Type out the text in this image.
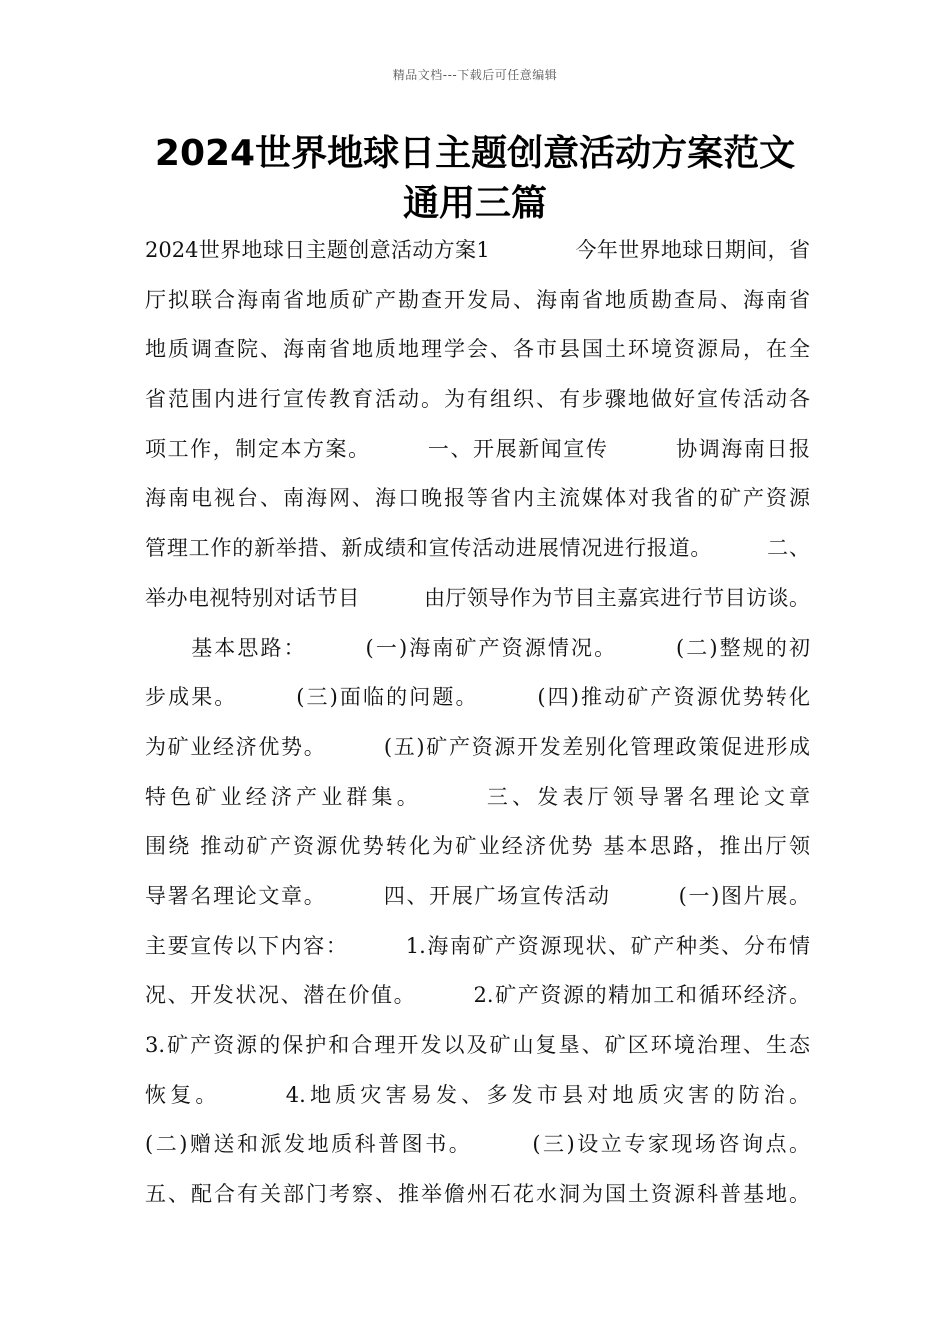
精品文档---下载后可任意编辑
2024世界地球日主题创意活动方案范文
通用三篇
2024世界地球日主题创意活动方案1　　　　今年世界地球日期间，省
厅拟联合海南省地质矿产勘查开发局、海南省地质勘查局、海南省
地质调查院、海南省地质地理学会、各市县国土环境资源局，在全
省范围内进行宣传教育活动。为有组织、有步骤地做好宣传活动各
项工作，制定本方案。　　　一、开展新闻宣传　　　协调海南日报
海南电视台、南海网、海口晚报等省内主流媒体对我省的矿产资源
管理工作的新举措、新成绩和宣传活动进展情况进行报道。　　　二、
举办电视特别对话节目　　　由厅领导作为节目主嘉宾进行节目访谈。
　　基本思路：　　　(一)海南矿产资源情况。　　　(二)整规的初
步成果。　　　(三)面临的问题。　　　(四)推动矿产资源优势转化
为矿业经济优势。　　　(五)矿产资源开发差别化管理政策促进形成
特色矿业经济产业群集。　　　三、发表厅领导署名理论文章
围绕 推动矿产资源优势转化为矿业经济优势 基本思路，推出厅领
导署名理论文章。　　　四、开展广场宣传活动　　　(一)图片展。
主要宣传以下内容：　　　1.海南矿产资源现状、矿产种类、分布情
况、开发状况、潜在价值。　　　2.矿产资源的精加工和循环经济。
3.矿产资源的保护和合理开发以及矿山复垦、矿区环境治理、生态
恢复。　　　4.地质灾害易发、多发市县对地质灾害的防治。
(二)赠送和派发地质科普图书。　　　(三)设立专家现场咨询点。
五、配合有关部门考察、推举儋州石花水洞为国土资源科普基地。
